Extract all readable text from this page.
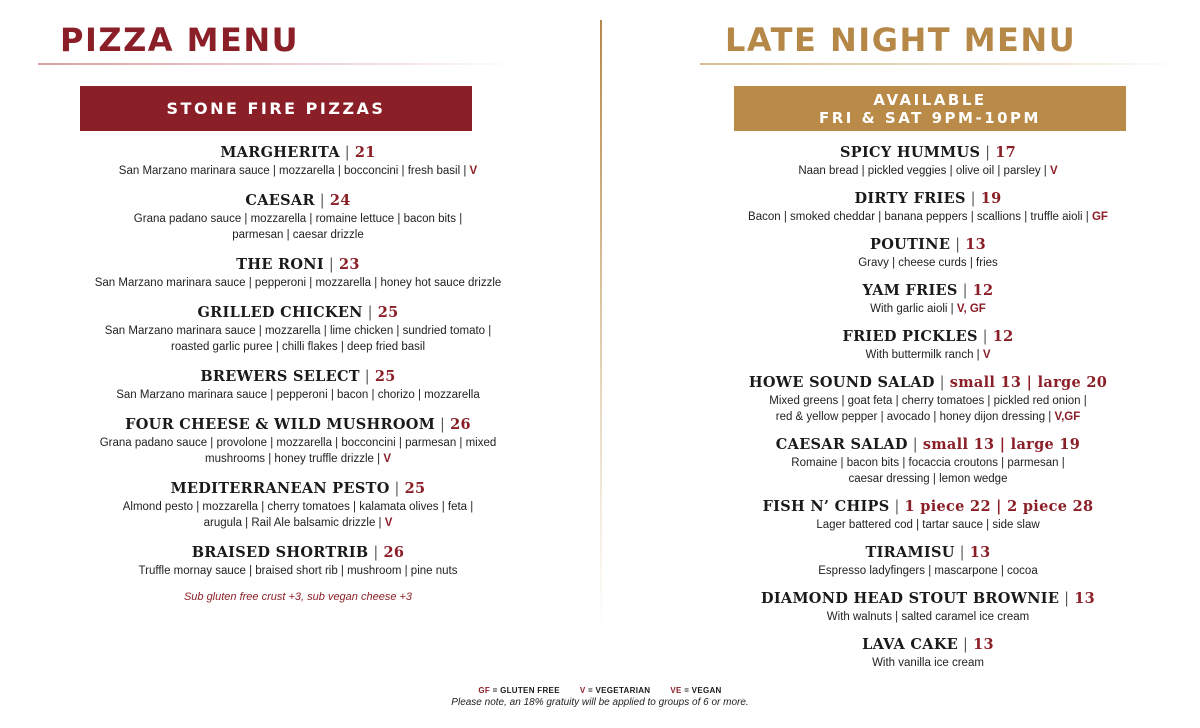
PIZZA MENU
STONE FIRE PIZZAS
MARGHERITA | 21
San Marzano marinara sauce | mozzarella | bocconcini | fresh basil | V
CAESAR | 24
Grana padano sauce | mozzarella | romaine lettuce | bacon bits |
parmesan | caesar drizzle
THE RONI | 23
San Marzano marinara sauce | pepperoni | mozzarella | honey hot sauce drizzle
GRILLED CHICKEN | 25
San Marzano marinara sauce | mozzarella | lime chicken | sundried tomato |
roasted garlic puree | chilli flakes | deep fried basil
BREWERS SELECT | 25
San Marzano marinara sauce | pepperoni | bacon | chorizo | mozzarella
FOUR CHEESE & WILD MUSHROOM | 26
Grana padano sauce | provolone | mozzarella | bocconcini | parmesan | mixed
mushrooms | honey truffle drizzle | V
MEDITERRANEAN PESTO | 25
Almond pesto | mozzarella | cherry tomatoes | kalamata olives | feta |
arugula | Rail Ale balsamic drizzle | V
BRAISED SHORTRIB | 26
Truffle mornay sauce | braised short rib | mushroom | pine nuts
Sub gluten free crust +3, sub vegan cheese +3
LATE NIGHT MENU
AVAILABLE
FRI & SAT 9PM-10PM
SPICY HUMMUS | 17
Naan bread | pickled veggies | olive oil | parsley | V
DIRTY FRIES | 19
Bacon | smoked cheddar | banana peppers | scallions | truffle aioli | GF
POUTINE | 13
Gravy | cheese curds | fries
YAM FRIES | 12
With garlic aioli | V, GF
FRIED PICKLES | 12
With buttermilk ranch | V
HOWE SOUND SALAD | small 13 | large 20
Mixed greens | goat feta | cherry tomatoes | pickled red onion |
red & yellow pepper | avocado | honey dijon dressing | V,GF
CAESAR SALAD | small 13 | large 19
Romaine | bacon bits | focaccia croutons | parmesan |
caesar dressing | lemon wedge
FISH N’ CHIPS | 1 piece 22 | 2 piece 28
Lager battered cod | tartar sauce | side slaw
TIRAMISU | 13
Espresso ladyfingers | mascarpone | cocoa
DIAMOND HEAD STOUT BROWNIE | 13
With walnuts | salted caramel ice cream
LAVA CAKE | 13
With vanilla ice cream
GF = GLUTEN FREE	V = VEGETARIAN	VE = VEGAN
Please note, an 18% gratuity will be applied to groups of 6 or more.
